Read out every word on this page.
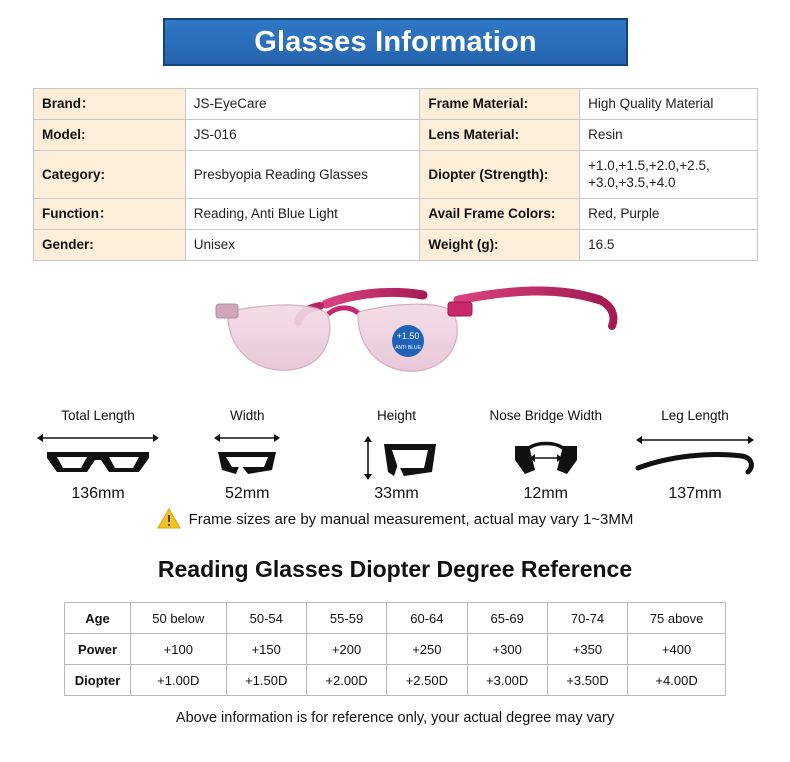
Glasses Information
Brand：	JS-EyeCare	Frame Material:	High Quality Material
Model:	JS-016	Lens Material:	Resin
Category:	Presbyopia Reading Glasses	Diopter (Strength):	+1.0,+1.5,+2.0,+2.5, +3.0,+3.5,+4.0
Function：	Reading, Anti Blue Light	Avail Frame Colors:	Red, Purple
Gender:	Unisex	Weight (g):	16.5
+1.50
ANTI BLUE
Total Length
136mm
Width
52mm
Height
33mm
Nose Bridge Width
12mm
Leg Length
137mm
Frame sizes are by manual measurement, actual may vary 1~3MM
Reading Glasses Diopter Degree Reference
Age	50 below	50-54	55-59	60-64	65-69	70-74	75 above
Power	+100	+150	+200	+250	+300	+350	+400
Diopter	+1.00D	+1.50D	+2.00D	+2.50D	+3.00D	+3.50D	+4.00D
Above information is for reference only, your actual degree may vary
